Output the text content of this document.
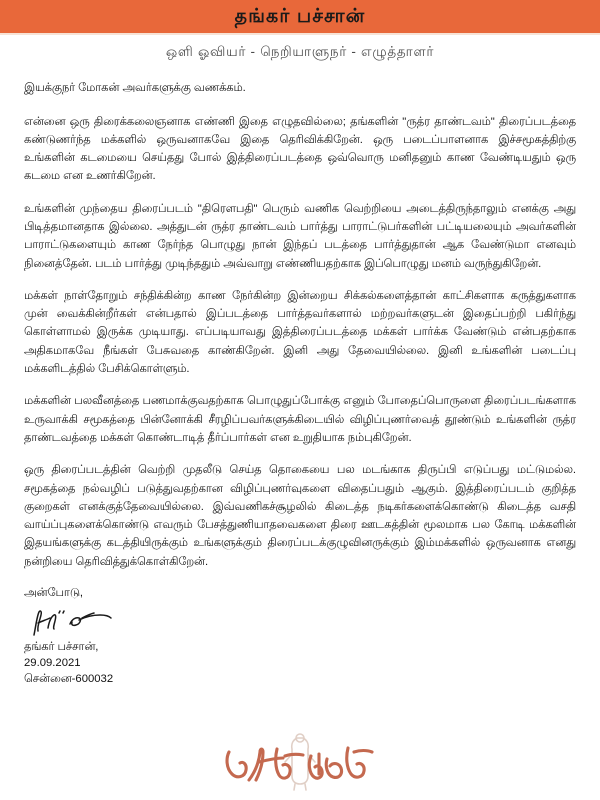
தங்கர் பச்சான்
ஒளி ஓவியர் - நெறியாளுநர் - எழுத்தாளர்

இயக்குநர் மோகன் அவர்களுக்கு வணக்கம்.

என்னை ஒரு திரைக்கலைஞனாக எண்ணி இதை எழுதவில்லை; தங்களின் "ருத்ர தாண்டவம்" திரைப்படத்தை கண்டுணர்ந்த மக்களில் ஒருவனாகவே இதை தெரிவிக்கிறேன். ஒரு படைப்பாளனாக இச்சமூகத்திற்கு உங்களின் கடமையை செய்தது போல் இத்திரைப்படத்தை ஒவ்வொரு மனிதனும் காண வேண்டியதும் ஒரு கடமை என உணர்கிறேன்.

உங்களின் முந்தைய திரைப்படம் "திரௌபதி" பெரும் வணிக வெற்றியை அடைத்திருந்தாலும் எனக்கு அது பிடித்தமானதாக இல்லை. அத்துடன் ருத்ர தாண்டவம் பார்த்து பாராட்டுபர்களின் பட்டியலையும் அவர்களின் பாராட்டுகளையும் காண நேர்ந்த பொழுது நான் இந்தப் படத்தை பார்த்துதான் ஆக வேண்டுமா எனவும் நினைத்தேன். படம் பார்த்து முடிந்ததும் அவ்வாறு எண்ணியதற்காக இப்பொழுது மனம் வருந்துகிறேன்.

மக்கள் நாள்தோறும் சந்திக்கின்ற காண நேர்கின்ற இன்றைய சிக்கல்களைத்தான் காட்சிகளாக கருத்துகளாக முன் வைக்கின்றீர்கள் என்பதால் இப்படத்தை பார்த்தவர்களால் மற்றவர்களுடன் இதைப்பற்றி பகிர்ந்து கொள்ளாமல் இருக்க முடியாது. எப்படியாவது இத்திரைப்படத்தை மக்கள் பார்க்க வேண்டும் என்பதற்காக அதிகமாகவே நீங்கள் பேசுவதை காண்கிறேன். இனி அது தேவையில்லை. இனி உங்களின் படைப்பு மக்களிடத்தில் பேசிக்கொள்ளும்.

மக்களின் பலவீனத்தை பணமாக்குவதற்காக பொழுதுப்போக்கு எனும் போதைப்பொருளை திரைப்படங்களாக உருவாக்கி சமூகத்தை பின்னோக்கி சீரழிப்பவர்களுக்கிடையில் விழிப்புணர்வைத் தூண்டும் உங்களின் ருத்ர தாண்டவத்தை மக்கள் கொண்டாடித் தீர்ப்பார்கள் என உறுதியாக நம்புகிறேன்.

ஒரு திரைப்படத்தின் வெற்றி முதலீடு செய்த தொகையை பல மடங்காக திருப்பி எடுப்பது மட்டுமல்ல. சமூகத்தை நல்வழிப் படுத்துவதற்கான விழிப்புணர்வுகளை விதைப்பதும் ஆகும். இத்திரைப்படம் குறித்த குறைகள் எனக்குத்தேவையில்லை. இவ்வணிகச்சூழலில் கிடைத்த நடிகர்களைக்கொண்டு கிடைத்த வசதி வாய்ப்புகளைக்கொண்டு எவரும் பேசத்துணியாதவைகளை திரை ஊடகத்தின் மூலமாக பல கோடி மக்களின் இதயங்களுக்கு கடத்தியிருக்கும் உங்களுக்கும் திரைப்படக்குழுவினருக்கும் இம்மக்களில் ஒருவனாக எனது நன்றியை தெரிவித்துக்கொள்கிறேன்.

அன்போடு,

தங்கர் பச்சான்,

29.09.2021

சென்னை-600032
